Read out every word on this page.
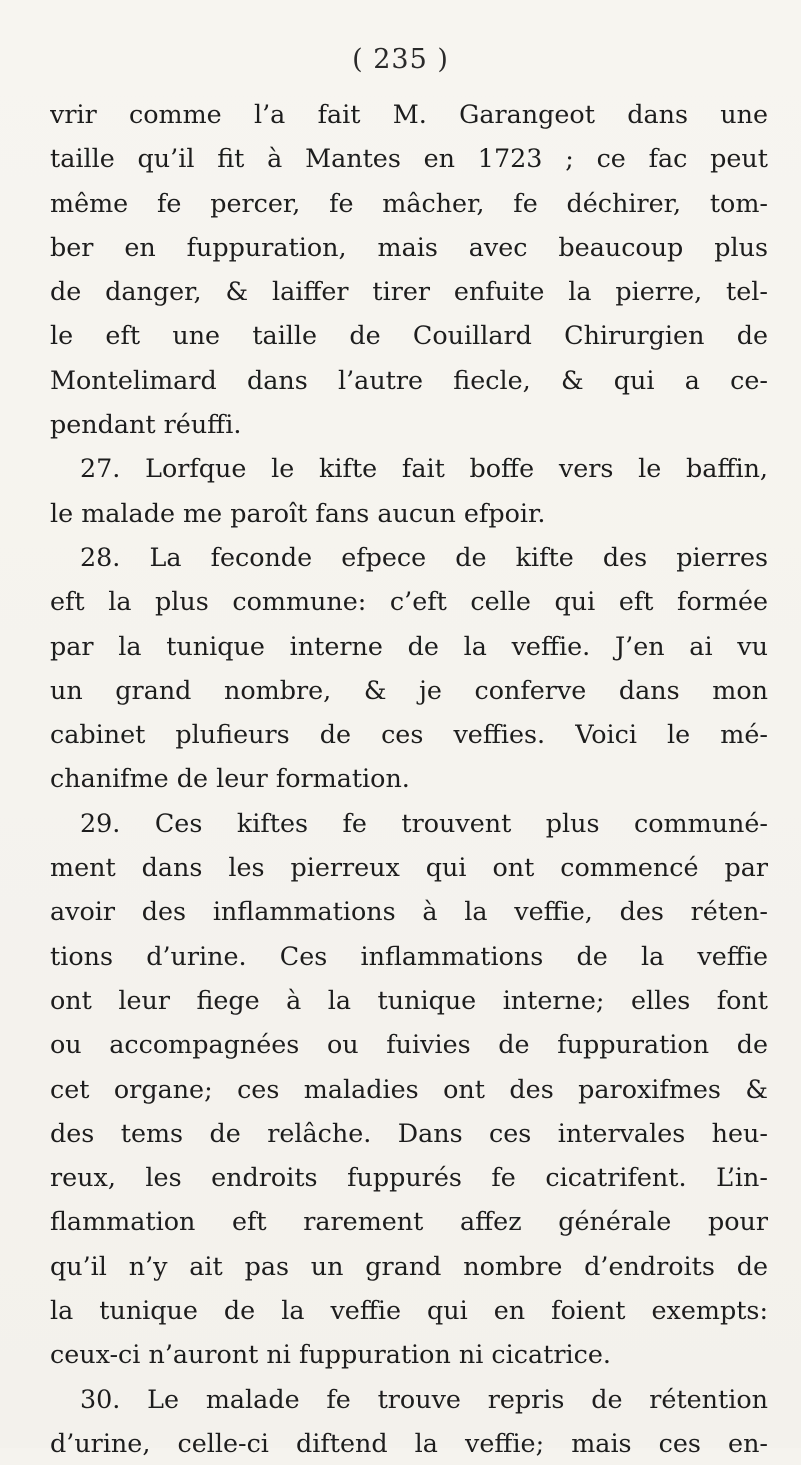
( 235 )
vrir comme l’a fait M. Garangeot dans une
taille qu’il fit à Mantes en 1723 ; ce fac peut
même fe percer, fe mâcher, fe déchirer, tom-
ber en fuppuration, mais avec beaucoup plus
de danger, & laiffer tirer enfuite la pierre, tel-
le eft une taille de Couillard Chirurgien de
Montelimard dans l’autre fiecle, & qui a ce-
pendant réuffi.
27. Lorfque le kifte fait boffe vers le baffin,
le malade me paroît fans aucun efpoir.
28. La feconde efpece de kifte des pierres
eft la plus commune: c’eft celle qui eft formée
par la tunique interne de la veffie. J’en ai vu
un grand nombre, & je conferve dans mon
cabinet plufieurs de ces veffies. Voici le mé-
chanifme de leur formation.
29. Ces kiftes fe trouvent plus communé-
ment dans les pierreux qui ont commencé par
avoir des inflammations à la veffie, des réten-
tions d’urine. Ces inflammations de la veffie
ont leur fiege à la tunique interne; elles font
ou accompagnées ou fuivies de fuppuration de
cet organe; ces maladies ont des paroxifmes &
des tems de relâche. Dans ces intervales heu-
reux, les endroits fuppurés fe cicatrifent. L’in-
flammation eft rarement affez générale pour
qu’il n’y ait pas un grand nombre d’endroits de
la tunique de la veffie qui en foient exempts:
ceux-ci n’auront ni fuppuration ni cicatrice.
30. Le malade fe trouve repris de rétention
d’urine, celle-ci diftend la veffie; mais ces en-
